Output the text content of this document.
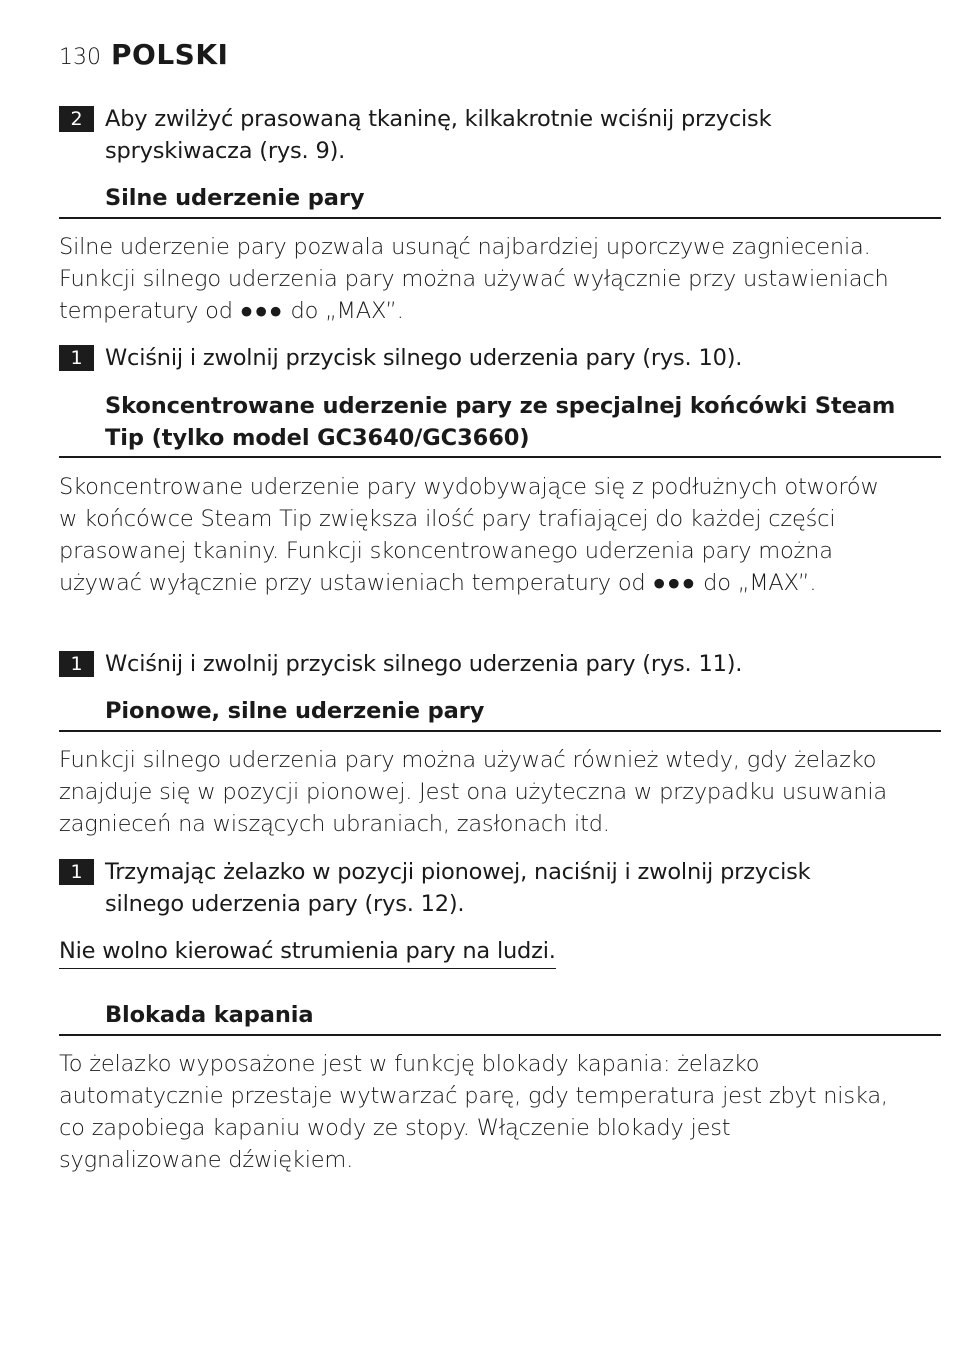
130 POLSKI
2 Aby zwilżyć prasowaną tkaninę, kilkakrotnie wciśnij przycisk spryskiwacza (rys. 9).
Silne uderzenie pary
Silne uderzenie pary pozwala usunąć najbardziej uporczywe zagniecenia. Funkcji silnego uderzenia pary można używać wyłącznie przy ustawieniach temperatury od ●●● do „MAX”.
1 Wciśnij i zwolnij przycisk silnego uderzenia pary (rys. 10).
Skoncentrowane uderzenie pary ze specjalnej końcówki Steam Tip (tylko model GC3640/GC3660)
Skoncentrowane uderzenie pary wydobywające się z podłużnych otworów w końcówce Steam Tip zwiększa ilość pary trafiającej do każdej części prasowanej tkaniny. Funkcji skoncentrowanego uderzenia pary można używać wyłącznie przy ustawieniach temperatury od ●●● do „MAX”.
1 Wciśnij i zwolnij przycisk silnego uderzenia pary (rys. 11).
Pionowe, silne uderzenie pary
Funkcji silnego uderzenia pary można używać również wtedy, gdy żelazko znajduje się w pozycji pionowej. Jest ona użyteczna w przypadku usuwania zagnieceń na wiszących ubraniach, zasłonach itd.
1 Trzymając żelazko w pozycji pionowej, naciśnij i zwolnij przycisk silnego uderzenia pary (rys. 12).
Nie wolno kierować strumienia pary na ludzi.
Blokada kapania
To żelazko wyposażone jest w funkcję blokady kapania: żelazko automatycznie przestaje wytwarzać parę, gdy temperatura jest zbyt niska, co zapobiega kapaniu wody ze stopy. Włączenie blokady jest sygnalizowane dźwiękiem.
